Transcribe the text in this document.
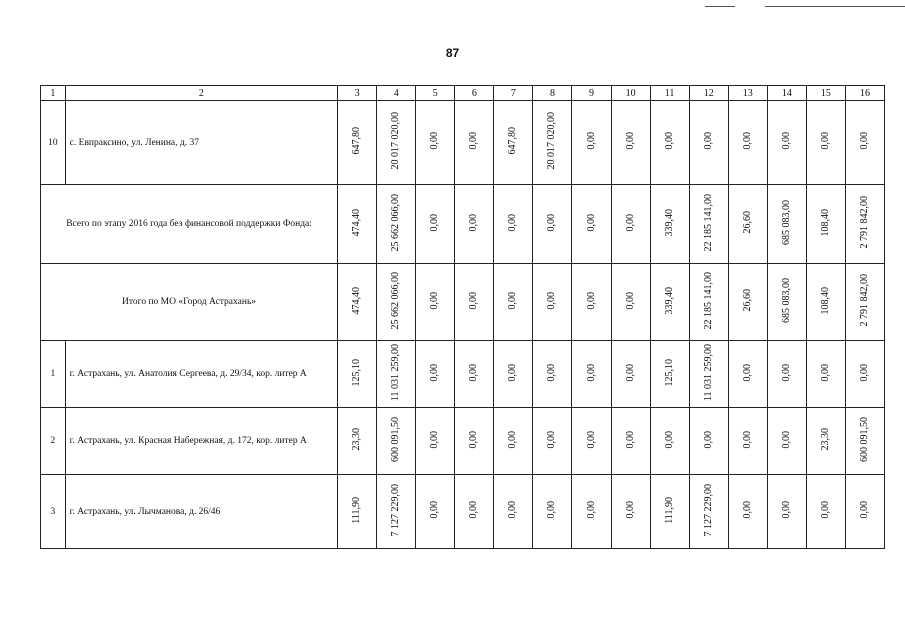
87
1	2	3	4	5	6	7	8	9	10	11	12	13	14	15	16
10	с. Евпраксино, ул. Ленина, д. 37	647,80	20 017 020,00	0,00	0,00	647,80	20 017 020,00	0,00	0,00	0,00	0,00	0,00	0,00	0,00	0,00
Всего по этапу 2016 года без финансовой поддержки Фонда:		474,40	25 662 066,00	0,00	0,00	0,00	0,00	0,00	0,00	339,40	22 185 141,00	26,60	685 083,00	108,40	2 791 842,00
Итого по МО «Город Астрахань»		474,40	25 662 066,00	0,00	0,00	0,00	0,00	0,00	0,00	339,40	22 185 141,00	26,60	685 083,00	108,40	2 791 842,00
1	г. Астрахань, ул. Анатолия Сергеева, д. 29/34, кор. литер А	125,10	11 031 259,00	0,00	0,00	0,00	0,00	0,00	0,00	125,10	11 031 259,00	0,00	0,00	0,00	0,00
2	г. Астрахань, ул. Красная Набережная, д. 172, кор. литер А	23,30	600 091,50	0,00	0,00	0,00	0,00	0,00	0,00	0,00	0,00	0,00	0,00	23,30	600 091,50
3	г. Астрахань, ул. Лычманова, д. 26/46	111,90	7 127 229,00	0,00	0,00	0,00	0,00	0,00	0,00	111,90	7 127 229,00	0,00	0,00	0,00	0,00
